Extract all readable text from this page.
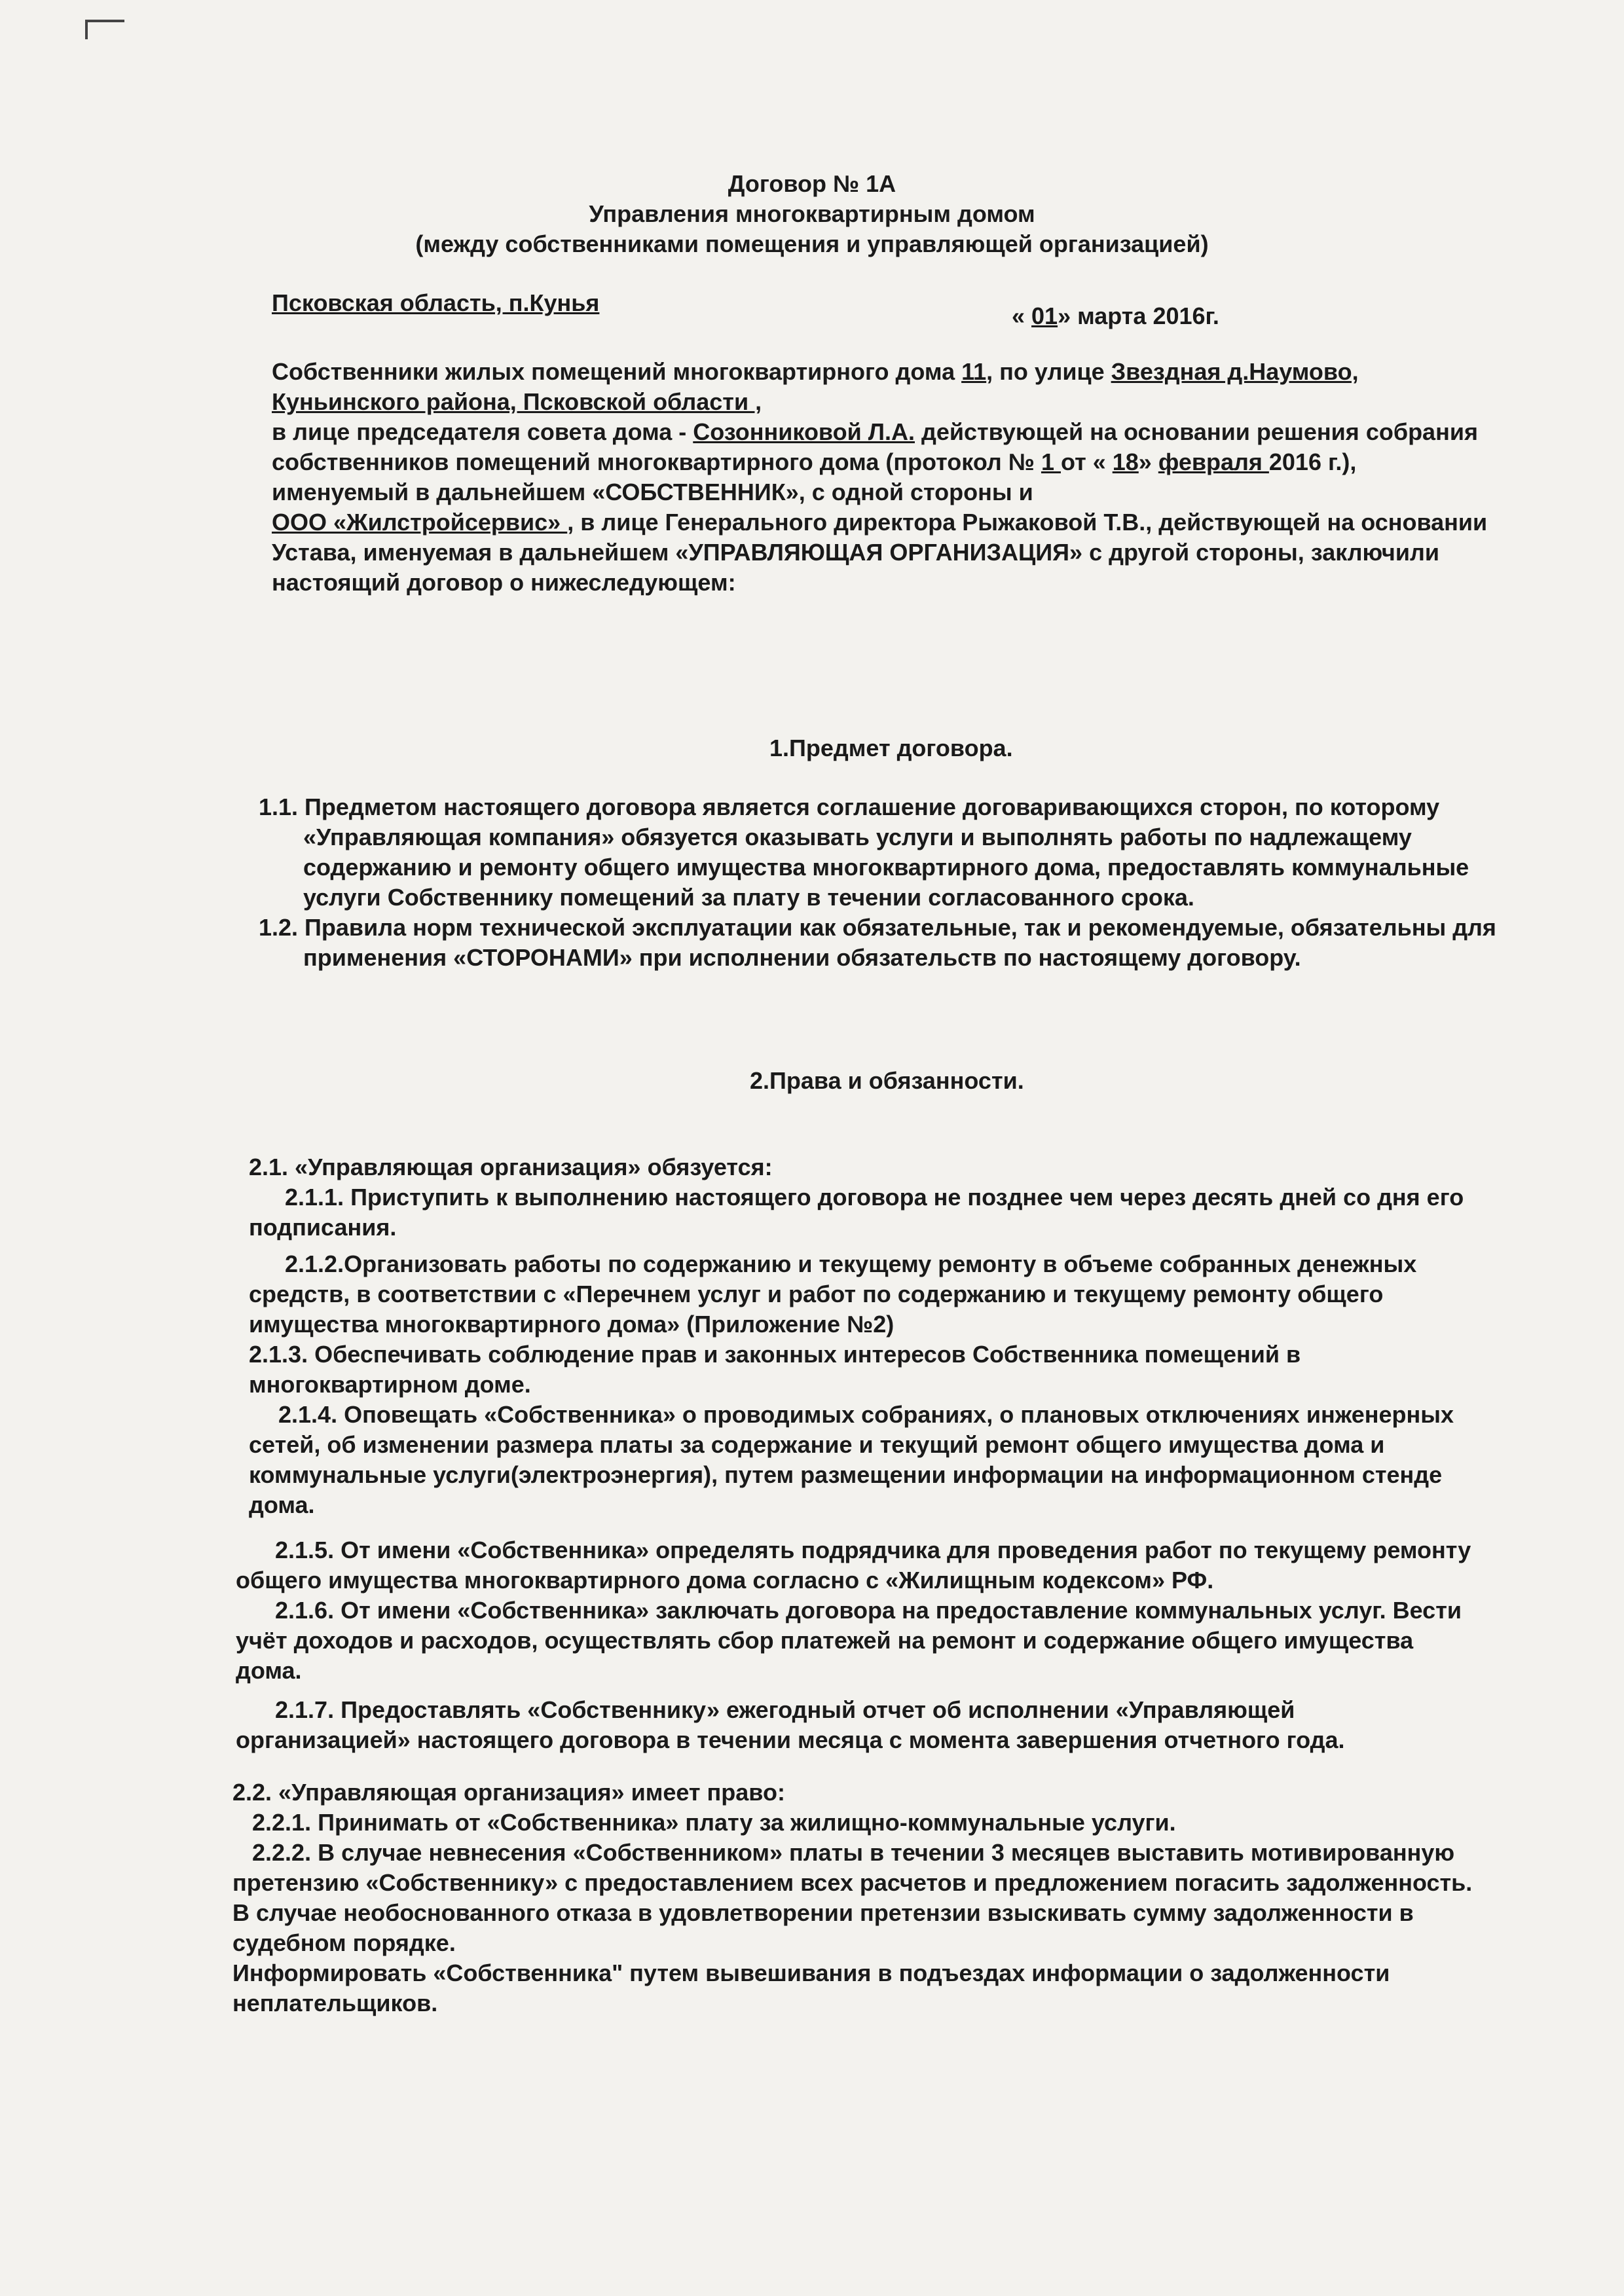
Договор № 1А
Управления многоквартирным домом
(между собственниками помещения и управляющей организацией)
Псковская область, п.Кунья	« 01» марта 2016г.
Собственники жилых помещений многоквартирного дома 11, по улице Звездная д.Наумово,
Куньинского района, Псковской области ,
в лице председателя совета дома - Созонниковой Л.А. действующей на основании решения собрания
собственников помещений многоквартирного дома (протокол № 1 от « 18» февраля 2016 г.),
именуемый в дальнейшем «СОБСТВЕННИК», с одной стороны и
ООО «Жилстройсервис» , в лице Генерального директора Рыжаковой Т.В., действующей на основании
Устава, именуемая в дальнейшем «УПРАВЛЯЮЩАЯ ОРГАНИЗАЦИЯ» с другой стороны, заключили
настоящий договор о нижеследующем:
1.Предмет договора.
1.1. Предметом настоящего договора является соглашение договаривающихся сторон, по которому
«Управляющая компания» обязуется оказывать услуги и выполнять работы по надлежащему
содержанию и ремонту общего имущества многоквартирного дома, предоставлять коммунальные
услуги Собственнику помещений за плату в течении согласованного срока.
1.2. Правила норм технической эксплуатации как обязательные, так и рекомендуемые, обязательны для
применения «СТОРОНАМИ» при исполнении обязательств по настоящему договору.
2.Права и обязанности.
2.1. «Управляющая организация» обязуется:
2.1.1. Приступить к выполнению настоящего договора не позднее чем через десять дней со дня его
подписания.
2.1.2.Организовать работы по содержанию и текущему ремонту в объеме собранных денежных
средств, в соответствии с «Перечнем услуг и работ по содержанию и текущему ремонту общего
имущества многоквартирного дома» (Приложение №2)
2.1.3. Обеспечивать соблюдение прав и законных интересов Собственника помещений в
многоквартирном доме.
2.1.4. Оповещать «Собственника» о проводимых собраниях, о плановых отключениях инженерных
сетей, об изменении размера платы за содержание и текущий ремонт общего имущества дома и
коммунальные услуги(электроэнергия), путем размещении информации на информационном стенде
дома.
2.1.5. От имени «Собственника» определять подрядчика для проведения работ по текущему ремонту
общего имущества многоквартирного дома согласно с «Жилищным кодексом» РФ.
2.1.6. От имени «Собственника» заключать договора на предоставление коммунальных услуг. Вести
учёт доходов и расходов, осуществлять сбор платежей на ремонт и содержание общего имущества
дома.
2.1.7. Предоставлять «Собственнику» ежегодный отчет об исполнении «Управляющей
организацией» настоящего договора в течении месяца с момента завершения отчетного года.
2.2. «Управляющая организация» имеет право:
2.2.1. Принимать от «Собственника» плату за жилищно-коммунальные услуги.
2.2.2. В случае невнесения «Собственником» платы в течении 3 месяцев выставить мотивированную
претензию «Собственнику» с предоставлением всех расчетов и предложением погасить задолженность.
В случае необоснованного отказа в удовлетворении претензии взыскивать сумму задолженности в
судебном порядке.
Информировать «Собственника" путем вывешивания в подъездах информации о задолженности
неплательщиков.
